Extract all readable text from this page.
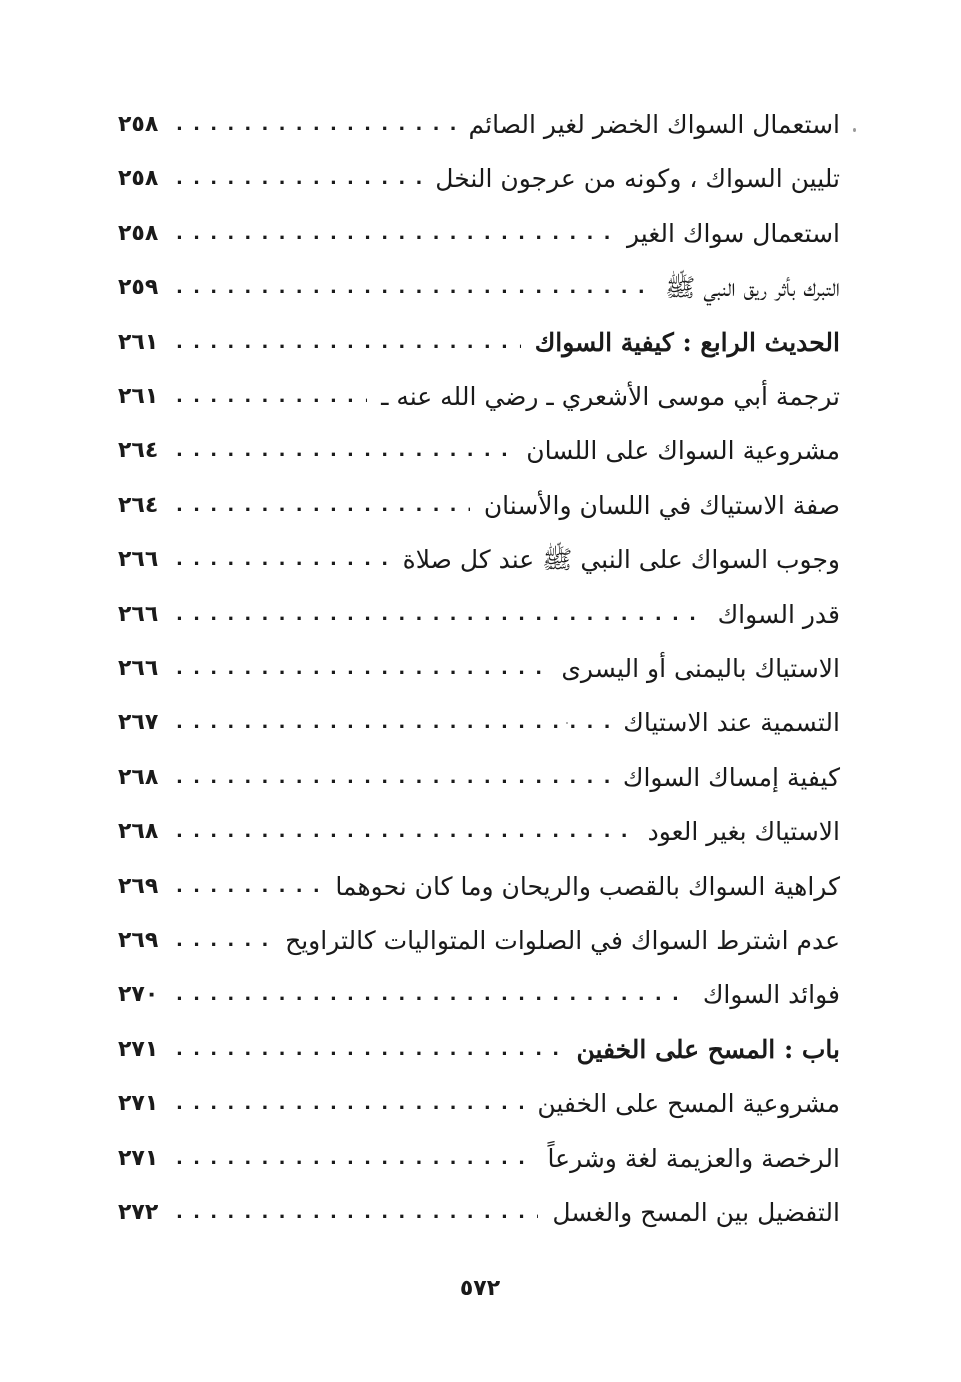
استعمال السواك الخضر لغير الصائم
. . .
٢٥٨
تليين السواك ، وكونه من عرجون النخل
. . .
٢٥٨
استعمال سواك الغير
. . .
٢٥٨
التبرك بأثر ريق النبي ﷺ
. . .
٢٥٩
الحديث الرابع : كيفية السواك
. . .
٢٦١
ترجمة أبي موسى الأشعري ـ رضي الله عنه ـ
. . .
٢٦١
مشروعية السواك على اللسان
. . .
٢٦٤
صفة الاستياك في اللسان والأسنان
. . .
٢٦٤
وجوب السواك على النبي ﷺ عند كل صلاة
. . .
٢٦٦
قدر السواك
. . .
٢٦٦
الاستياك باليمنى أو اليسرى
. . .
٢٦٦
التسمية عند الاستياك
. . .
٢٦٧
كيفية إمساك السواك
. . .
٢٦٨
الاستياك بغير العود
. . .
٢٦٨
كراهية السواك بالقصب والريحان وما كان نحوهما
. . .
٢٦٩
عدم اشترط السواك في الصلوات المتواليات كالتراويح
. . .
٢٦٩
فوائد السواك
. . .
٢٧٠
باب : المسح على الخفين
. . .
٢٧١
مشروعية المسح على الخفين
. . .
٢٧١
الرخصة والعزيمة لغة وشرعاً
. . .
٢٧١
التفضيل بين المسح والغسل
. . .
٢٧٢
٥٧٢
